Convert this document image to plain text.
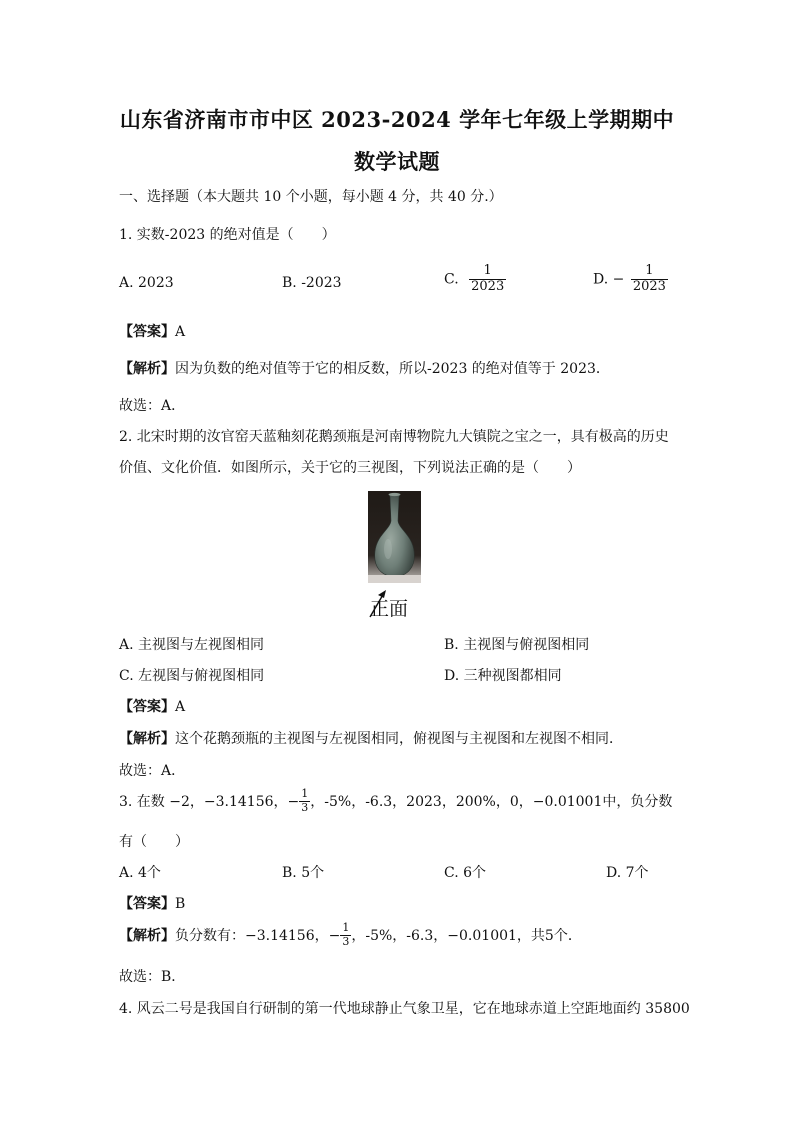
山东省济南市市中区 2023-2024 学年七年级上学期期中
数学试题
一、选择题（本大题共 10 个小题，每小题 4 分，共 40 分.）
1. 实数-2023 的绝对值是（　　）
A. 2023	B. -2023	C. $\frac{1}{2023}$	D. − $\frac{1}{2023}$
【答案】A
【解析】因为负数的绝对值等于它的相反数，所以-2023 的绝对值等于 2023．
故选：A．
2. 北宋时期的汝官窑天蓝釉刻花鹅颈瓶是河南博物院九大镇院之宝之一，具有极高的历史
价值、文化价值．如图所示，关于它的三视图，下列说法正确的是（　　）
正面
A. 主视图与左视图相同	B. 主视图与俯视图相同
C. 左视图与俯视图相同	D. 三种视图都相同
【答案】A
【解析】这个花鹅颈瓶的主视图与左视图相同，俯视图与主视图和左视图不相同．
故选：A．
3. 在数 −2，−3.14156，− $\frac{1}{3}$ ，-5%，-6.3，2023，200%，0，−0.01001中，负分数
有（　　）
A. 4个	B. 5个	C. 6个	D. 7个
【答案】B
【解析】负分数有：−3.14156，− $\frac{1}{3}$ ，-5%，-6.3，−0.01001，共5个．
故选：B．
4. 风云二号是我国自行研制的第一代地球静止气象卫星，它在地球赤道上空距地面约 35800
